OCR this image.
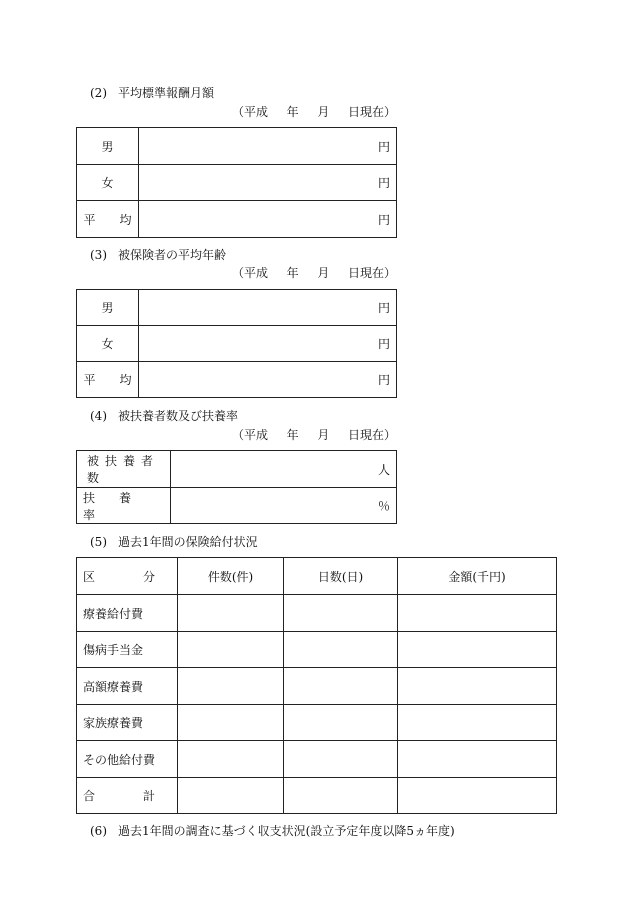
(2) 平均標準報酬月額
（平成 年 月 日現在）
男	円
女	円
平　　均	円
(3) 被保険者の平均年齢
（平成 年 月 日現在）
男	円
女	円
平　　均	円
(4) 被扶養者数及び扶養率
（平成 年 月 日現在）
被扶養者数	人
扶　　養　　率	％
(5) 過去1年間の保険給付状況
区　　　　分	件数(件)	日数(日)	金額(千円)
療養給付費			
傷病手当金			
高額療養費			
家族療養費			
その他給付費			
合　　　　計			
(6) 過去1年間の調査に基づく収支状況(設立予定年度以降5ヵ年度)
